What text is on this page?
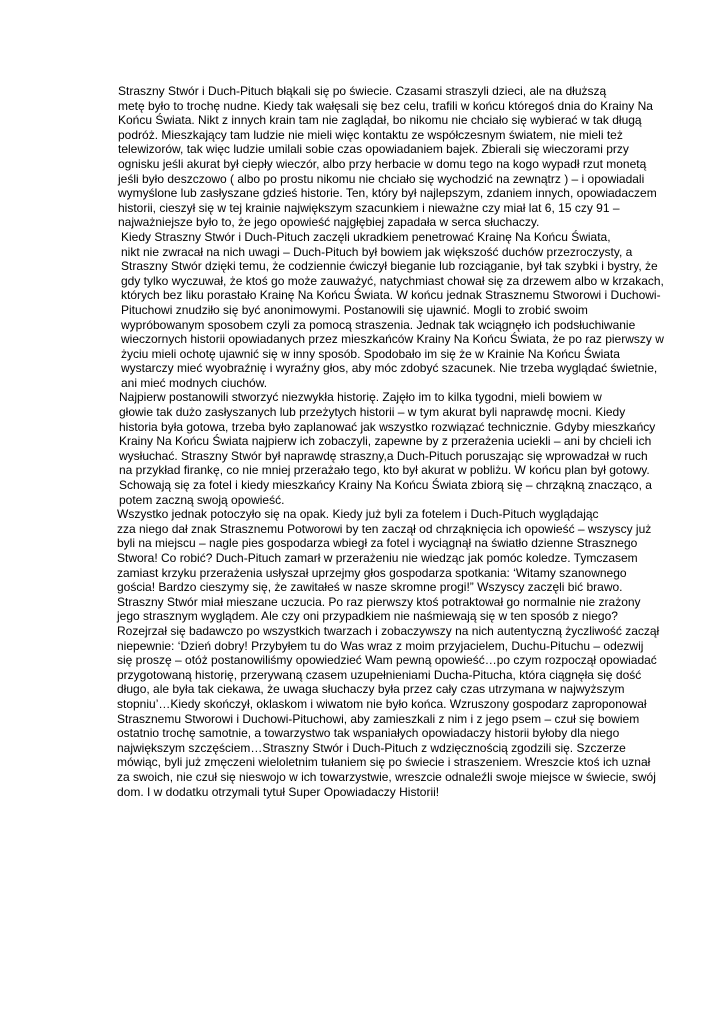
Straszny Stwór i Duch-Pituch błąkali się po świecie. Czasami straszyli dzieci, ale na dłuższą
metę było to trochę nudne. Kiedy tak wałęsali się bez celu, trafili w końcu któregoś dnia do Krainy Na
Końcu Świata. Nikt z innych krain tam nie zaglądał, bo nikomu nie chciało się wybierać w tak długą
podróż. Mieszkający tam ludzie nie mieli więc kontaktu ze współczesnym światem, nie mieli też
telewizorów, tak więc ludzie umilali sobie czas opowiadaniem bajek. Zbierali się wieczorami przy
ognisku jeśli akurat był ciepły wieczór, albo przy herbacie w domu tego na kogo wypadł rzut monetą
jeśli było deszczowo ( albo po prostu nikomu nie chciało się wychodzić na zewnątrz ) – i opowiadali
wymyślone lub zasłyszane gdzieś historie. Ten, który był najlepszym, zdaniem innych, opowiadaczem
historii, cieszył się w tej krainie największym szacunkiem i nieważne czy miał lat 6, 15 czy 91 –
najważniejsze było to, że jego opowieść najgłębiej zapadała w serca słuchaczy.

Kiedy Straszny Stwór i Duch-Pituch zaczęli ukradkiem penetrować Krainę Na Końcu Świata,
nikt nie zwracał na nich uwagi – Duch-Pituch był bowiem jak większość duchów przezroczysty, a
Straszny Stwór dzięki temu, że codziennie ćwiczył bieganie lub rozciąganie, był tak szybki i bystry, że
gdy tylko wyczuwał, że ktoś go może zauważyć, natychmiast chował się za drzewem albo w krzakach,
których bez liku porastało Krainę Na Końcu Świata. W końcu jednak Strasznemu Stworowi i Duchowi-
Pituchowi znudziło się być anonimowymi. Postanowili się ujawnić. Mogli to zrobić swoim
wypróbowanym sposobem czyli za pomocą straszenia. Jednak tak wciągnęło ich podsłuchiwanie
wieczornych historii opowiadanych przez mieszkańców Krainy Na Końcu Świata, że po raz pierwszy w
życiu mieli ochotę ujawnić się w inny sposób. Spodobało im się że w Krainie Na Końcu Świata
wystarczy mieć wyobraźnię i wyraźny głos, aby móc zdobyć szacunek. Nie trzeba wyglądać świetnie,
ani mieć modnych ciuchów.

Najpierw postanowili stworzyć niezwykła historię. Zajęło im to kilka tygodni, mieli bowiem w
głowie tak dużo zasłyszanych lub przeżytych historii – w tym akurat byli naprawdę mocni. Kiedy
historia była gotowa, trzeba było zaplanować jak wszystko rozwiązać technicznie. Gdyby mieszkańcy
Krainy Na Końcu Świata najpierw ich zobaczyli, zapewne by z przerażenia uciekli – ani by chcieli ich
wysłuchać. Straszny Stwór był naprawdę straszny,a Duch-Pituch poruszając się wprowadzał w ruch
na przykład firankę, co nie mniej przerażało tego, kto był akurat w pobliżu. W końcu plan był gotowy.
Schowają się za fotel i kiedy mieszkańcy Krainy Na Końcu Świata zbiorą się – chrząkną znacząco, a
potem zaczną swoją opowieść.

Wszystko jednak potoczyło się na opak. Kiedy już byli za fotelem i Duch-Pituch wyglądając
zza niego dał znak Strasznemu Potworowi by ten zaczął od chrząknięcia ich opowieść – wszyscy już
byli na miejscu – nagle pies gospodarza wbiegł za fotel i wyciągnął na światło dzienne Strasznego
Stwora! Co robić? Duch-Pituch zamarł w przerażeniu nie wiedząc jak pomóc koledze. Tymczasem
zamiast krzyku przerażenia usłyszał uprzejmy głos gospodarza spotkania: ‘Witamy szanownego
gościa! Bardzo cieszymy się, że zawitałeś w nasze skromne progi!” Wszyscy zaczęli bić brawo.
Straszny Stwór miał mieszane uczucia. Po raz pierwszy ktoś potraktował go normalnie nie zrażony
jego strasznym wyglądem. Ale czy oni przypadkiem nie naśmiewają się w ten sposób z niego?
Rozejrzał się badawczo po wszystkich twarzach i zobaczywszy na nich autentyczną życzliwość zaczął
niepewnie: ‘Dzień dobry! Przybyłem tu do Was wraz z moim przyjacielem, Duchu-Pituchu – odezwij
się proszę – otóż postanowiliśmy opowiedzieć Wam pewną opowieść…po czym rozpoczął opowiadać
przygotowaną historię, przerywaną czasem uzupełnieniami Ducha-Pitucha, która ciągnęła się dość
długo, ale była tak ciekawa, że uwaga słuchaczy była przez cały czas utrzymana w najwyższym
stopniu’…Kiedy skończył, oklaskom i wiwatom nie było końca. Wzruszony gospodarz zaproponował
Strasznemu Stworowi i Duchowi-Pituchowi, aby zamieszkali z nim i z jego psem – czuł się bowiem
ostatnio trochę samotnie, a towarzystwo tak wspaniałych opowiadaczy historii byłoby dla niego
największym szczęściem…Straszny Stwór i Duch-Pituch z wdzięcznością zgodzili się. Szczerze
mówiąc, byli już zmęczeni wieloletnim tułaniem się po świecie i straszeniem. Wreszcie ktoś ich uznał
za swoich, nie czuł się nieswojo w ich towarzystwie, wreszcie odnaleźli swoje miejsce w świecie, swój
dom. I w dodatku otrzymali tytuł Super Opowiadaczy Historii!
